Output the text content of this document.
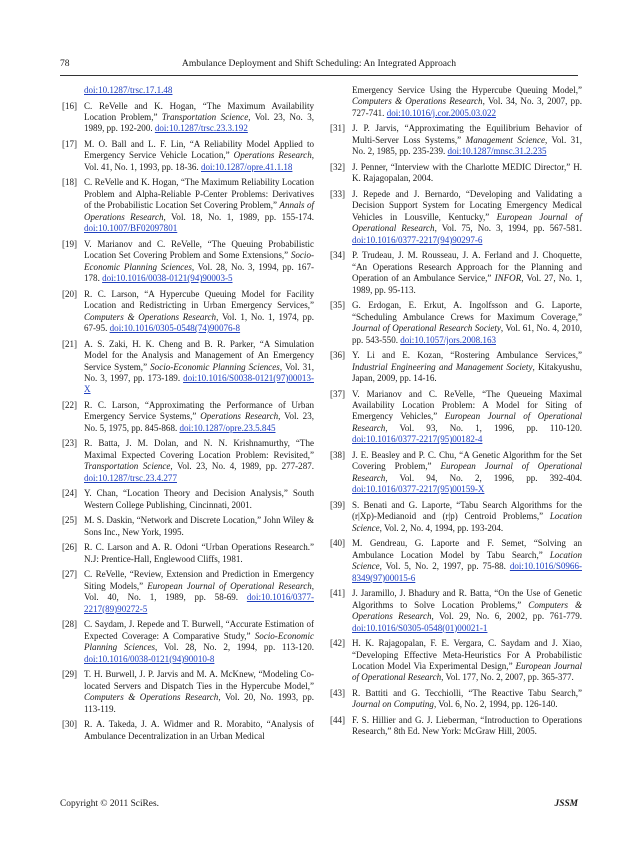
78	Ambulance Deployment and Shift Scheduling: An Integrated Approach
doi:10.1287/trsc.17.1.48
[16] C. ReVelle and K. Hogan, “The Maximum Availability Location Problem,” Transportation Science, Vol. 23, No. 3, 1989, pp. 192-200. doi:10.1287/trsc.23.3.192
[17] M. O. Ball and L. F. Lin, “A Reliability Model Applied to Emergency Service Vehicle Location,” Operations Research, Vol. 41, No. 1, 1993, pp. 18-36. doi:10.1287/opre.41.1.18
[18] C. ReVelle and K. Hogan, “The Maximum Reliability Location Problem and Alpha-Reliable P-Center Problems: Derivatives of the Probabilistic Location Set Covering Problem,” Annals of Operations Research, Vol. 18, No. 1, 1989, pp. 155-174. doi:10.1007/BF02097801
[19] V. Marianov and C. ReVelle, “The Queuing Probabilistic Location Set Covering Problem and Some Extensions,” Socio-Economic Planning Sciences, Vol. 28, No. 3, 1994, pp. 167-178. doi:10.1016/0038-0121(94)90003-5
[20] R. C. Larson, “A Hypercube Queuing Model for Facility Location and Redistricting in Urban Emergency Services,” Computers & Operations Research, Vol. 1, No. 1, 1974, pp. 67-95. doi:10.1016/0305-0548(74)90076-8
[21] A. S. Zaki, H. K. Cheng and B. R. Parker, “A Simulation Model for the Analysis and Management of An Emergency Service System,” Socio-Economic Planning Sciences, Vol. 31, No. 3, 1997, pp. 173-189. doi:10.1016/S0038-0121(97)00013-X
[22] R. C. Larson, “Approximating the Performance of Urban Emergency Service Systems,” Operations Research, Vol. 23, No. 5, 1975, pp. 845-868. doi:10.1287/opre.23.5.845
[23] R. Batta, J. M. Dolan, and N. N. Krishnamurthy, “The Maximal Expected Covering Location Problem: Revisited,” Transportation Science, Vol. 23, No. 4, 1989, pp. 277-287. doi:10.1287/trsc.23.4.277
[24] Y. Chan, “Location Theory and Decision Analysis,” South Western College Publishing, Cincinnati, 2001.
[25] M. S. Daskin, “Network and Discrete Location,” John Wiley & Sons Inc., New York, 1995.
[26] R. C. Larson and A. R. Odoni “Urban Operations Research.” N.J: Prentice-Hall, Englewood Cliffs, 1981.
[27] C. ReVelle, “Review, Extension and Prediction in Emergency Siting Models,” European Journal of Operational Research, Vol. 40, No. 1, 1989, pp. 58-69. doi:10.1016/0377-2217(89)90272-5
[28] C. Saydam, J. Repede and T. Burwell, “Accurate Estimation of Expected Coverage: A Comparative Study,” Socio-Economic Planning Sciences, Vol. 28, No. 2, 1994, pp. 113-120. doi:10.1016/0038-0121(94)90010-8
[29] T. H. Burwell, J. P. Jarvis and M. A. McKnew, “Modeling Co-located Servers and Dispatch Ties in the Hypercube Model,” Computers & Operations Research, Vol. 20, No. 1993, pp. 113-119.
[30] R. A. Takeda, J. A. Widmer and R. Morabito, “Analysis of Ambulance Decentralization in an Urban Medical
Emergency Service Using the Hypercube Queuing Model,” Computers & Operations Research, Vol. 34, No. 3, 2007, pp. 727-741. doi:10.1016/j.cor.2005.03.022
[31] J. P. Jarvis, “Approximating the Equilibrium Behavior of Multi-Server Loss Systems,” Management Science, Vol. 31, No. 2, 1985, pp. 235-239. doi:10.1287/mnsc.31.2.235
[32] J. Penner, “Interview with the Charlotte MEDIC Director,” H. K. Rajagopalan, 2004.
[33] J. Repede and J. Bernardo, “Developing and Validating a Decision Support System for Locating Emergency Medical Vehicles in Lousville, Kentucky,” European Journal of Operational Research, Vol. 75, No. 3, 1994, pp. 567-581. doi:10.1016/0377-2217(94)90297-6
[34] P. Trudeau, J. M. Rousseau, J. A. Ferland and J. Choquette, “An Operations Research Approach for the Planning and Operation of an Ambulance Service,” INFOR, Vol. 27, No. 1, 1989, pp. 95-113.
[35] G. Erdogan, E. Erkut, A. Ingolfsson and G. Laporte, “Scheduling Ambulance Crews for Maximum Coverage,” Journal of Operational Research Society, Vol. 61, No. 4, 2010, pp. 543-550. doi:10.1057/jors.2008.163
[36] Y. Li and E. Kozan, “Rostering Ambulance Services,” Industrial Engineering and Management Society, Kitakyushu, Japan, 2009, pp. 14-16.
[37] V. Marianov and C. ReVelle, “The Queueing Maximal Availability Location Problem: A Model for Siting of Emergency Vehicles,” European Journal of Operational Research, Vol. 93, No. 1, 1996, pp. 110-120. doi:10.1016/0377-2217(95)00182-4
[38] J. E. Beasley and P. C. Chu, “A Genetic Algorithm for the Set Covering Problem,” European Journal of Operational Research, Vol. 94, No. 2, 1996, pp. 392-404. doi:10.1016/0377-2217(95)00159-X
[39] S. Benati and G. Laporte, “Tabu Search Algorithms for the (r|Xp)-Medianoid and (r|p) Centroid Problems,” Location Science, Vol. 2, No. 4, 1994, pp. 193-204.
[40] M. Gendreau, G. Laporte and F. Semet, “Solving an Ambulance Location Model by Tabu Search,” Location Science, Vol. 5, No. 2, 1997, pp. 75-88. doi:10.1016/S0966-8349(97)00015-6
[41] J. Jaramillo, J. Bhadury and R. Batta, “On the Use of Genetic Algorithms to Solve Location Problems,” Computers & Operations Research, Vol. 29, No. 6, 2002, pp. 761-779. doi:10.1016/S0305-0548(01)00021-1
[42] H. K. Rajagopalan, F. E. Vergara, C. Saydam and J. Xiao, “Developing Effective Meta-Heuristics For A Probabilistic Location Model Via Experimental Design,” European Journal of Operational Research, Vol. 177, No. 2, 2007, pp. 365-377.
[43] R. Battiti and G. Tecchiolli, “The Reactive Tabu Search,” Journal on Computing, Vol. 6, No. 2, 1994, pp. 126-140.
[44] F. S. Hillier and G. J. Lieberman, “Introduction to Operations Research,” 8th Ed. New York: McGraw Hill, 2005.
Copyright © 2011 SciRes.	JSSM
